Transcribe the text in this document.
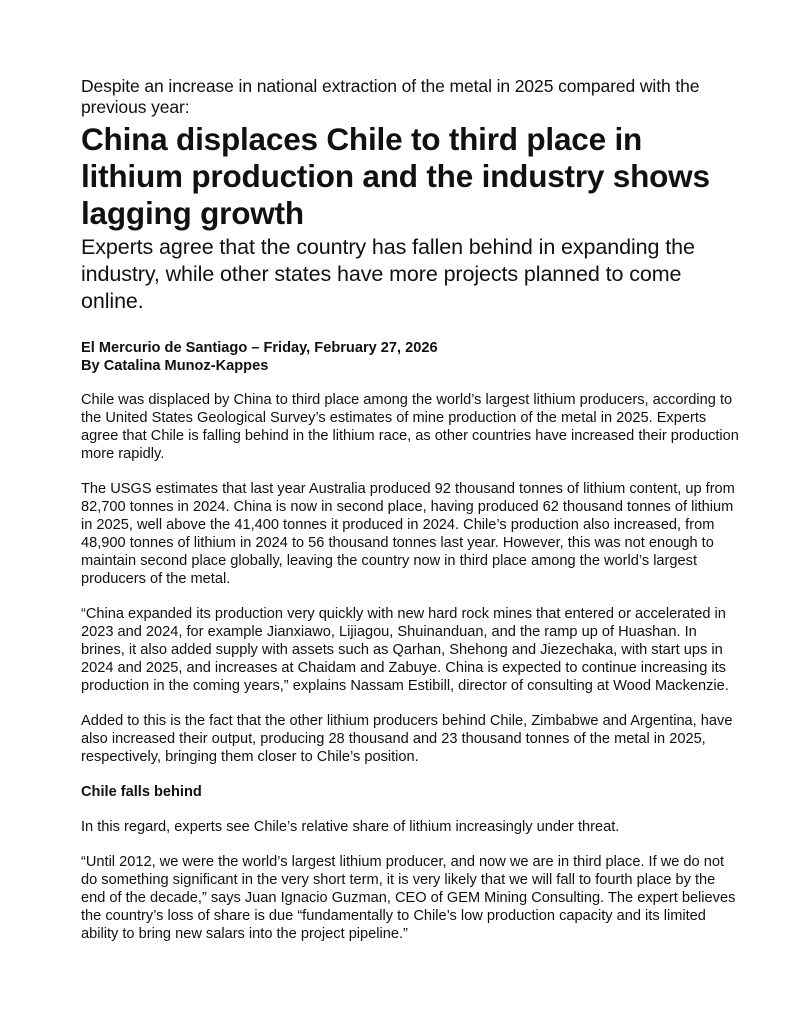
Despite an increase in national extraction of the metal in 2025 compared with the previous year:

China displaces Chile to third place in lithium production and the industry shows lagging growth

Experts agree that the country has fallen behind in expanding the industry, while other states have more projects planned to come online.

El Mercurio de Santiago – Friday, February 27, 2026
By Catalina Munoz-Kappes

Chile was displaced by China to third place among the world’s largest lithium producers, according to the United States Geological Survey’s estimates of mine production of the metal in 2025. Experts agree that Chile is falling behind in the lithium race, as other countries have increased their production more rapidly.

The USGS estimates that last year Australia produced 92 thousand tonnes of lithium content, up from 82,700 tonnes in 2024. China is now in second place, having produced 62 thousand tonnes of lithium in 2025, well above the 41,400 tonnes it produced in 2024. Chile’s production also increased, from 48,900 tonnes of lithium in 2024 to 56 thousand tonnes last year. However, this was not enough to maintain second place globally, leaving the country now in third place among the world’s largest producers of the metal.

“China expanded its production very quickly with new hard rock mines that entered or accelerated in 2023 and 2024, for example Jianxiawo, Lijiagou, Shuinanduan, and the ramp up of Huashan. In brines, it also added supply with assets such as Qarhan, Shehong and Jiezechaka, with start ups in 2024 and 2025, and increases at Chaidam and Zabuye. China is expected to continue increasing its production in the coming years,” explains Nassam Estibill, director of consulting at Wood Mackenzie.

Added to this is the fact that the other lithium producers behind Chile, Zimbabwe and Argentina, have also increased their output, producing 28 thousand and 23 thousand tonnes of the metal in 2025, respectively, bringing them closer to Chile’s position.

Chile falls behind

In this regard, experts see Chile’s relative share of lithium increasingly under threat.

“Until 2012, we were the world’s largest lithium producer, and now we are in third place. If we do not do something significant in the very short term, it is very likely that we will fall to fourth place by the end of the decade,” says Juan Ignacio Guzman, CEO of GEM Mining Consulting. The expert believes the country’s loss of share is due “fundamentally to Chile’s low production capacity and its limited ability to bring new salars into the project pipeline.”
